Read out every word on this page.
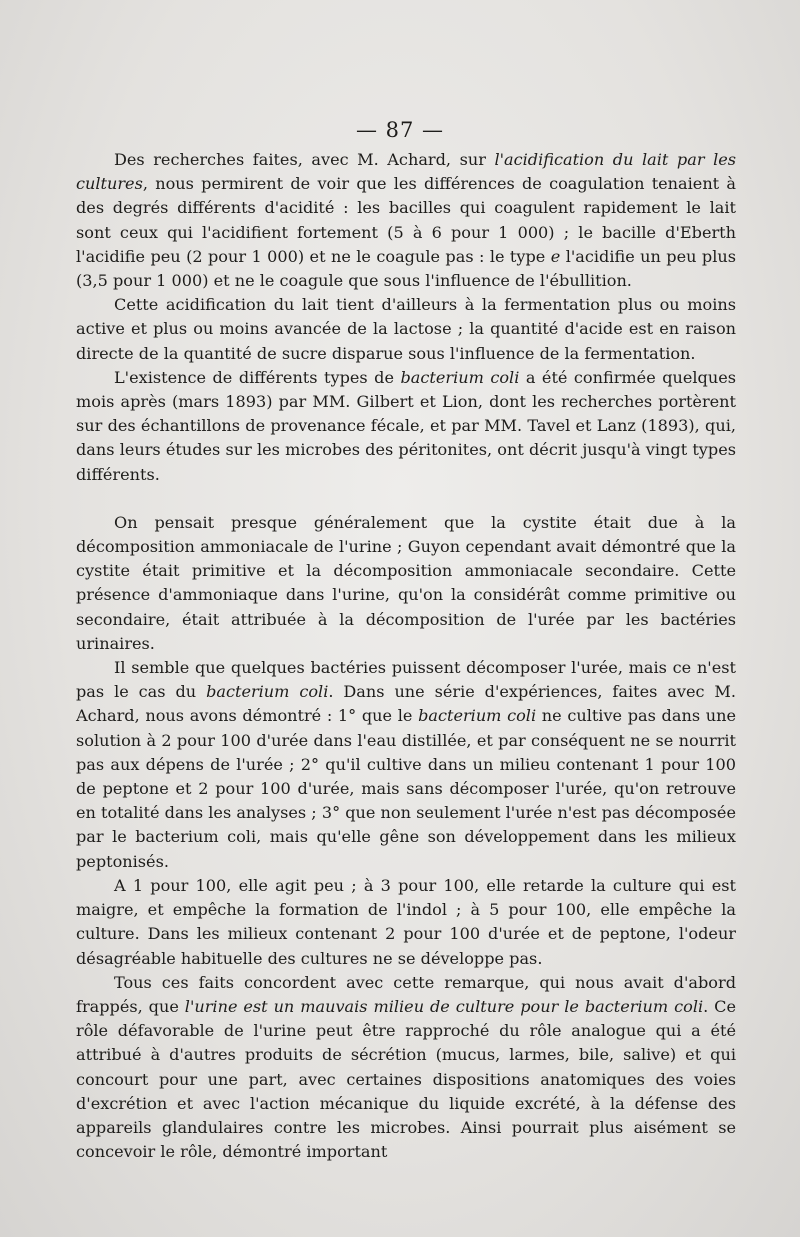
— 87 —

Des recherches faites, avec M. Achard, sur l'acidification du lait par les cultures, nous permirent de voir que les différences de coagulation tenaient à des degrés différents d'acidité : les bacilles qui coagulent rapidement le lait sont ceux qui l'acidifient fortement (5 à 6 pour 1 000) ; le bacille d'Eberth l'acidifie peu (2 pour 1 000) et ne le coagule pas : le type e l'acidifie un peu plus (3,5 pour 1 000) et ne le coagule que sous l'influence de l'ébullition.

Cette acidification du lait tient d'ailleurs à la fermentation plus ou moins active et plus ou moins avancée de la lactose ; la quantité d'acide est en raison directe de la quantité de sucre disparue sous l'influence de la fermentation.

L'existence de différents types de bacterium coli a été confirmée quelques mois après (mars 1893) par MM. Gilbert et Lion, dont les recherches portèrent sur des échantillons de provenance fécale, et par MM. Tavel et Lanz (1893), qui, dans leurs études sur les microbes des péritonites, ont décrit jusqu'à vingt types différents.

On pensait presque généralement que la cystite était due à la décomposition ammoniacale de l'urine ; Guyon cependant avait démontré que la cystite était primitive et la décomposition ammoniacale secondaire. Cette présence d'ammoniaque dans l'urine, qu'on la considérât comme primitive ou secondaire, était attribuée à la décomposition de l'urée par les bactéries urinaires.

Il semble que quelques bactéries puissent décomposer l'urée, mais ce n'est pas le cas du bacterium coli. Dans une série d'expériences, faites avec M. Achard, nous avons démontré : 1° que le bacterium coli ne cultive pas dans une solution à 2 pour 100 d'urée dans l'eau distillée, et par conséquent ne se nourrit pas aux dépens de l'urée ; 2° qu'il cultive dans un milieu contenant 1 pour 100 de peptone et 2 pour 100 d'urée, mais sans décomposer l'urée, qu'on retrouve en totalité dans les analyses ; 3° que non seulement l'urée n'est pas décomposée par le bacterium coli, mais qu'elle gêne son développement dans les milieux peptonisés.

A 1 pour 100, elle agit peu ; à 3 pour 100, elle retarde la culture qui est maigre, et empêche la formation de l'indol ; à 5 pour 100, elle empêche la culture. Dans les milieux contenant 2 pour 100 d'urée et de peptone, l'odeur désagréable habituelle des cultures ne se développe pas.

Tous ces faits concordent avec cette remarque, qui nous avait d'abord frappés, que l'urine est un mauvais milieu de culture pour le bacterium coli. Ce rôle défavorable de l'urine peut être rapproché du rôle analogue qui a été attribué à d'autres produits de sécrétion (mucus, larmes, bile, salive) et qui concourt pour une part, avec certaines dispositions anatomiques des voies d'excrétion et avec l'action mécanique du liquide excrété, à la défense des appareils glandulaires contre les microbes. Ainsi pourrait plus aisément se concevoir le rôle, démontré important
